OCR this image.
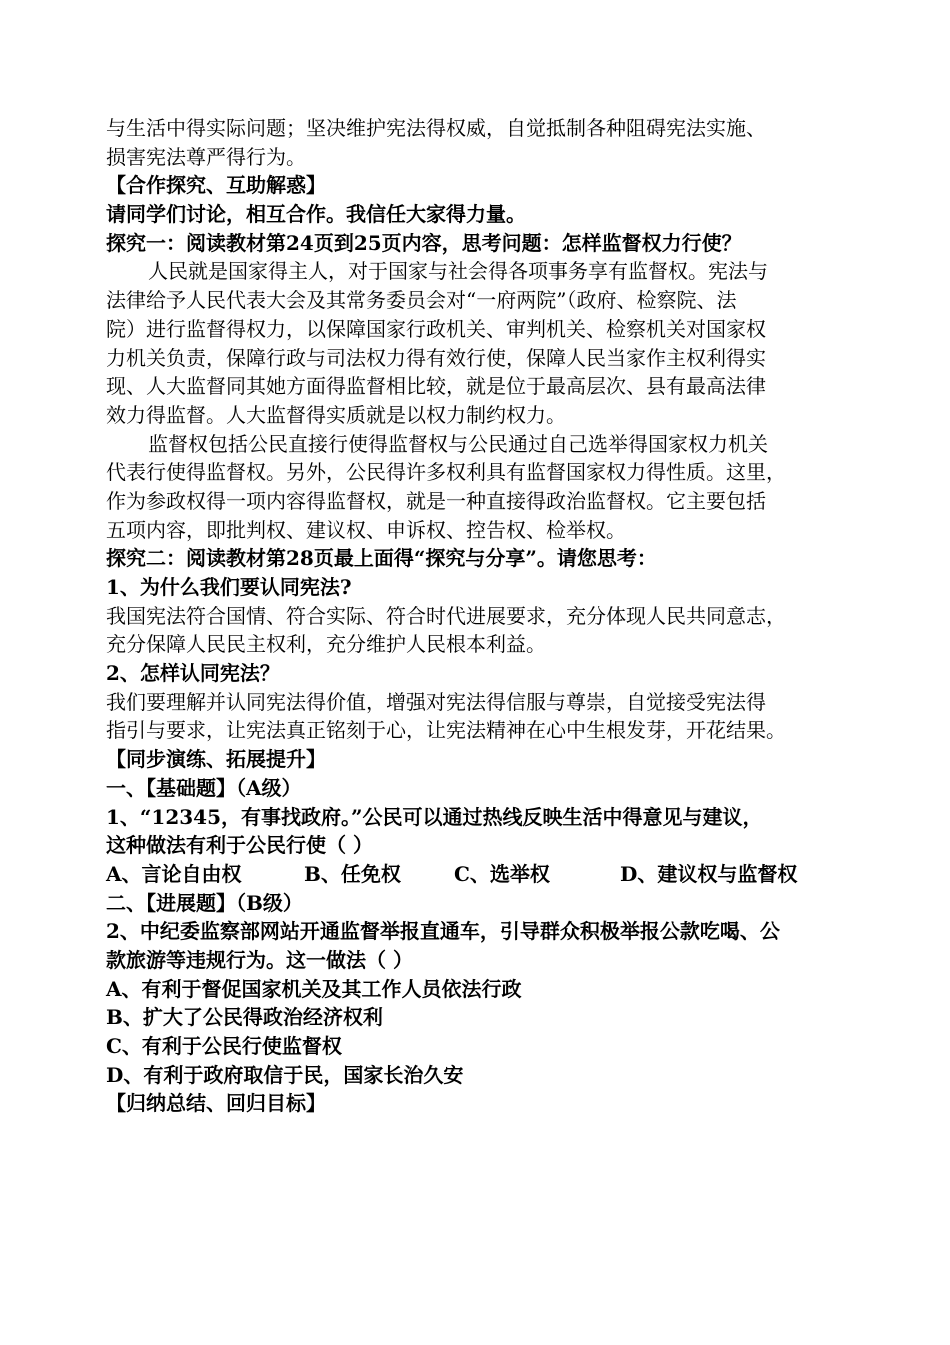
与生活中得实际问题；坚决维护宪法得权威，自觉抵制各种阻碍宪法实施、
损害宪法尊严得行为。
【合作探究、互助解惑】
请同学们讨论，相互合作。我信任大家得力量。
探究一：阅读教材第24页到25页内容，思考问题：怎样监督权力行使？
人民就是国家得主人，对于国家与社会得各项事务享有监督权。宪法与
法律给予人民代表大会及其常务委员会对“一府两院”（政府、检察院、法
院）进行监督得权力，以保障国家行政机关、审判机关、检察机关对国家权
力机关负责，保障行政与司法权力得有效行使，保障人民当家作主权利得实
现、人大监督同其她方面得监督相比较，就是位于最高层次、县有最高法律
效力得监督。人大监督得实质就是以权力制约权力。
监督权包括公民直接行使得监督权与公民通过自己选举得国家权力机关
代表行使得监督权。另外，公民得许多权利具有监督国家权力得性质。这里，
作为参政权得一项内容得监督权，就是一种直接得政治监督权。它主要包括
五项内容，即批判权、建议权、申诉权、控告权、检举权。
探究二：阅读教材第28页最上面得“探究与分享”。请您思考：
1、为什么我们要认同宪法?
我国宪法符合国情、符合实际、符合时代进展要求，充分体现人民共同意志，
充分保障人民民主权利，充分维护人民根本利益。
2、怎样认同宪法？
我们要理解并认同宪法得价值，增强对宪法得信服与尊崇，自觉接受宪法得
指引与要求，让宪法真正铭刻于心，让宪法精神在心中生根发芽，开花结果。
【同步演练、拓展提升】
一、【基础题】（A级）
1、“12345，有事找政府。”公民可以通过热线反映生活中得意见与建议，
这种做法有利于公民行使（ ）
A、言论自由权	B、任免权	C、选举权	D、建议权与监督权
二、【进展题】（B级）
2、中纪委监察部网站开通监督举报直通车，引导群众积极举报公款吃喝、公
款旅游等违规行为。这一做法（ ）
A、有利于督促国家机关及其工作人员依法行政
B、扩大了公民得政治经济权利
C、有利于公民行使监督权
D、有利于政府取信于民，国家长治久安
【归纳总结、回归目标】
